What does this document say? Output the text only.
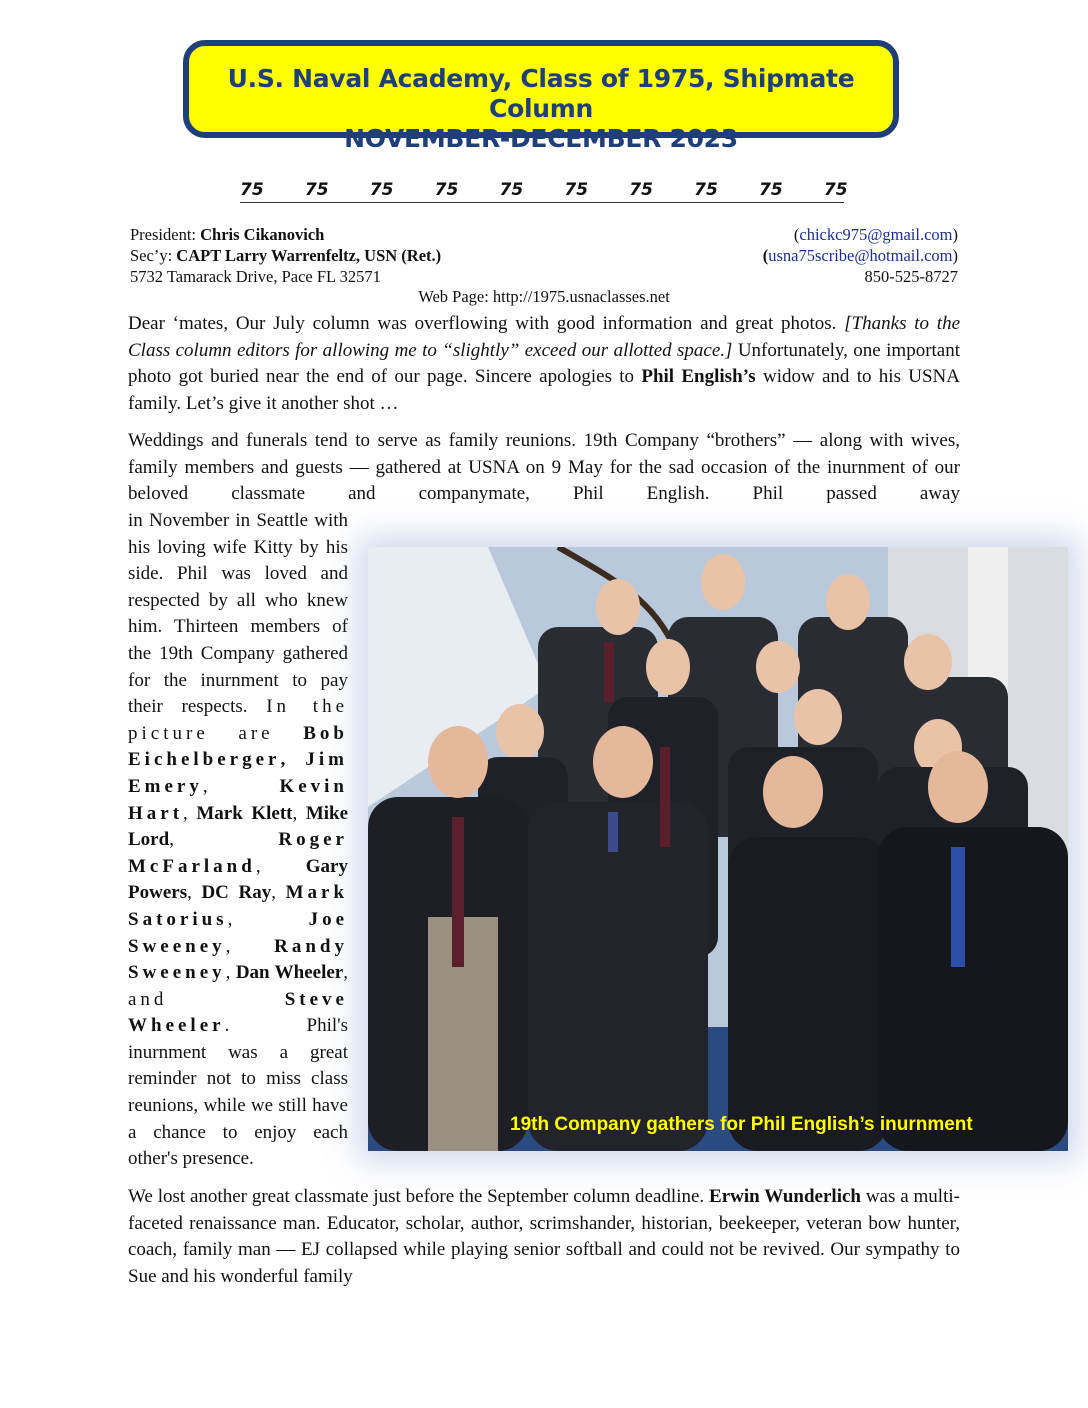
U.S. Naval Academy, Class of 1975, Shipmate Column
NOVEMBER-DECEMBER 2023
75 75 75 75 75 75 75 75 75 75
President: Chris Cikanovich	(chickc975@gmail.com)
Sec’y: CAPT Larry Warrenfeltz, USN (Ret.)	(usna75scribe@hotmail.com)
5732 Tamarack Drive, Pace FL 32571	850-525-8727
Web Page: http://1975.usnaclasses.net
Dear ‘mates, Our July column was overflowing with good information and great photos. [Thanks to the Class column editors for allowing me to “slightly” exceed our allotted space.] Unfortunately, one important photo got buried near the end of our page. Sincere apologies to Phil English’s widow and to his USNA family. Let’s give it another shot …
Weddings and funerals tend to serve as family reunions. 19th Company “brothers” — along with wives, family members and guests — gathered at USNA on 9 May for the sad occasion of the inurnment of our beloved classmate and companymate, Phil English. Phil passed away
in November in Seattle with his loving wife Kitty by his side. Phil was loved and respected by all who knew him. Thirteen members of the 19th Company gathered for the inurnment to pay their respects. In the picture are Bob Eichelberger, Jim Emery, Kevin Hart, Mark Klett, Mike Lord, Roger McFarland, Gary Powers, DC Ray, Mark Satorius, Joe Sweeney, Randy Sweeney, Dan Wheeler, and Steve Wheeler. Phil's inurnment was a great reminder not to miss class reunions, while we still have a chance to enjoy each other's presence.
19th Company gathers for Phil English’s inurnment
We lost another great classmate just before the September column deadline. Erwin Wunderlich was a multi-faceted renaissance man. Educator, scholar, author, scrimshander, historian, beekeeper, veteran bow hunter, coach, family man — EJ collapsed while playing senior softball and could not be revived. Our sympathy to Sue and his wonderful family
